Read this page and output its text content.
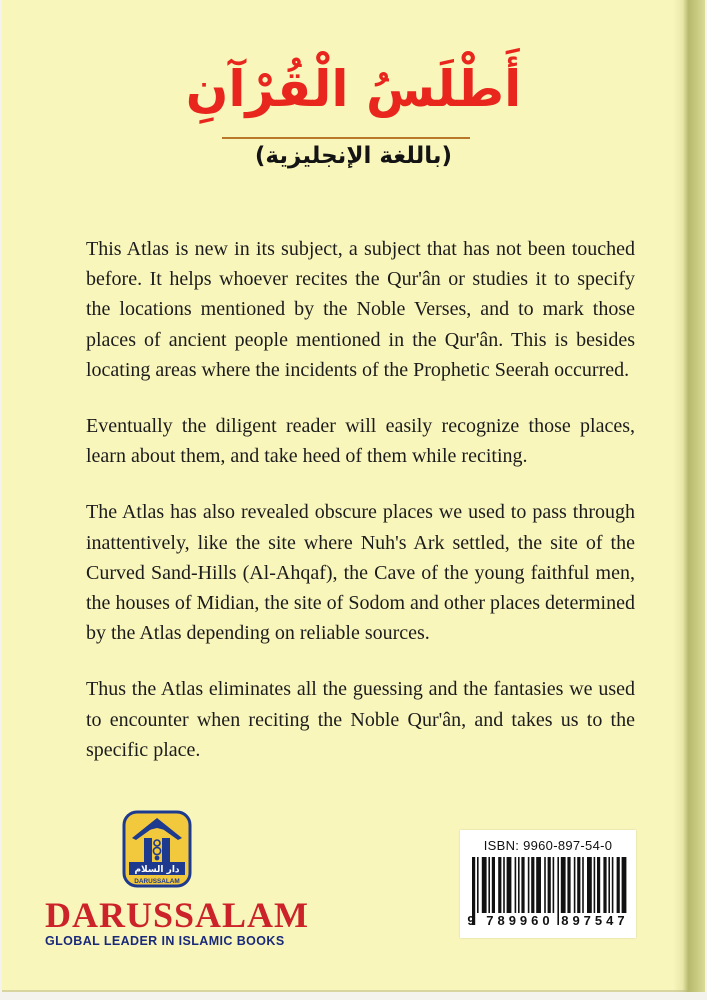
أَطْلَسُ الْقُرْآنِ
(باللغة الإنجليزية)

This Atlas is new in its subject, a subject that has not been touched before. It helps whoever recites the Qur'ân or studies it to specify the locations mentioned by the Noble Verses, and to mark those places of ancient people mentioned in the Qur'ân. This is besides locating areas where the incidents of the Prophetic Seerah occurred.

Eventually the diligent reader will easily recognize those places, learn about them, and take heed of them while reciting.

The Atlas has also revealed obscure places we used to pass through inattentively, like the site where Nuh's Ark settled, the site of the Curved Sand-Hills (Al-Ahqaf), the Cave of the young faithful men, the houses of Midian, the site of Sodom and other places determined by the Atlas depending on reliable sources.

Thus the Atlas eliminates all the guessing and the fantasies we used to encounter when reciting the Noble Qur'ân, and takes us to the specific place.

دار السلام
DARUSSALAM
DARUSSALAM
GLOBAL LEADER IN ISLAMIC BOOKS
ISBN: 9960-897-54-0
9 789960 897547
